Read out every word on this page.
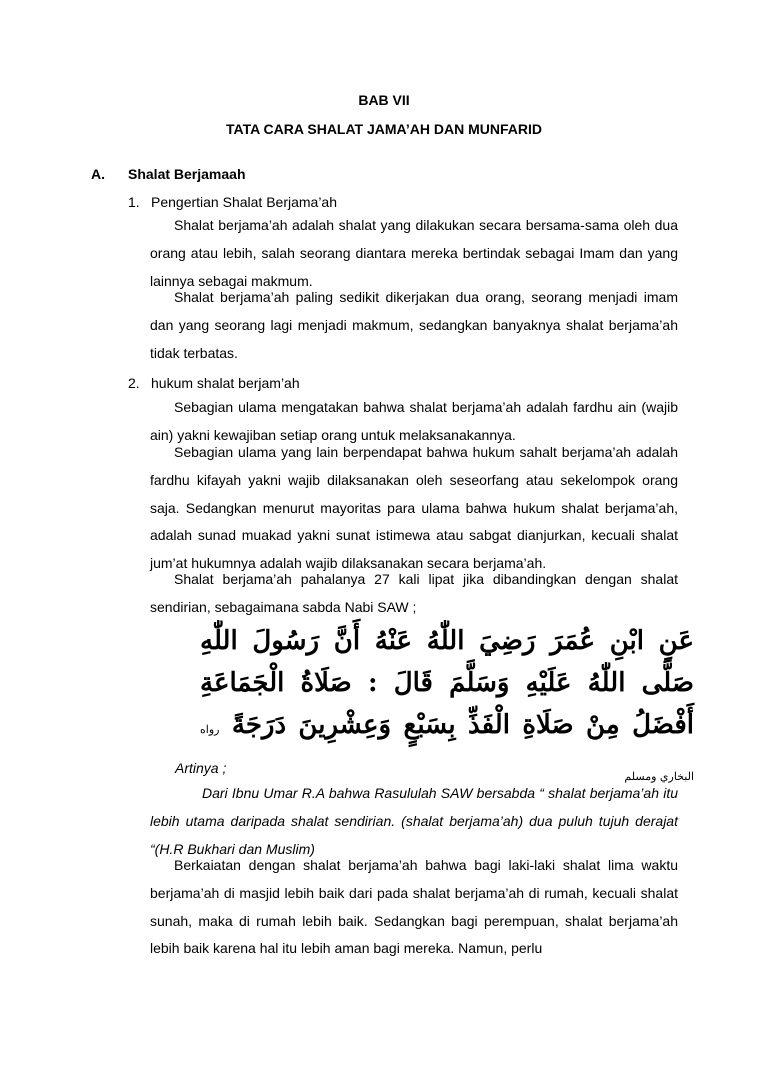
BAB VII
TATA CARA SHALAT JAMA’AH DAN MUNFARID
A. Shalat Berjamaah
1. Pengertian Shalat Berjama’ah
Shalat berjama’ah adalah shalat yang dilakukan secara bersama-sama oleh dua orang atau lebih, salah seorang diantara mereka bertindak sebagai Imam dan yang lainnya sebagai makmum.
Shalat berjama’ah paling sedikit dikerjakan dua orang, seorang menjadi imam dan yang seorang lagi menjadi makmum, sedangkan banyaknya shalat berjama’ah tidak terbatas.
2. hukum shalat berjam’ah
Sebagian ulama mengatakan bahwa shalat berjama’ah adalah fardhu ain (wajib ain) yakni kewajiban setiap orang untuk melaksanakannya.
Sebagian ulama yang lain berpendapat bahwa hukum sahalt berjama’ah adalah fardhu kifayah yakni wajib dilaksanakan oleh seseorfang atau sekelompok orang saja. Sedangkan menurut mayoritas para ulama bahwa hukum shalat berjama’ah, adalah sunad muakad yakni sunat istimewa atau sabgat dianjurkan, kecuali shalat jum’at hukumnya adalah wajib dilaksanakan secara berjama’ah.
Shalat berjama’ah pahalanya 27 kali lipat jika dibandingkan dengan shalat sendirian, sebagaimana sabda Nabi SAW ;
عَنِ ابْنِ عُمَرَ رَضِيَ اللّٰهُ عَنْهُ أَنَّ رَسُولَ اللّٰهِ صَلَّى اللّٰهُ عَلَيْهِ وَسَلَّمَ قَالَ : صَلَاةُ الْجَمَاعَةِ أَفْضَلُ مِنْ صَلَاةِ الْفَذِّ بِسَبْعٍ وَعِشْرِينَ دَرَجَةً رواه البخاري ومسلم
Artinya ;
Dari Ibnu Umar R.A bahwa Rasululah SAW bersabda “ shalat berjama’ah itu lebih utama daripada shalat sendirian. (shalat berjama’ah) dua puluh tujuh derajat “(H.R Bukhari dan Muslim)
Berkaiatan dengan shalat berjama’ah bahwa bagi laki-laki shalat lima waktu berjama’ah di masjid lebih baik dari pada shalat berjama’ah di rumah, kecuali shalat sunah, maka di rumah lebih baik. Sedangkan bagi perempuan, shalat berjama’ah lebih baik karena hal itu lebih aman bagi mereka. Namun, perlu
